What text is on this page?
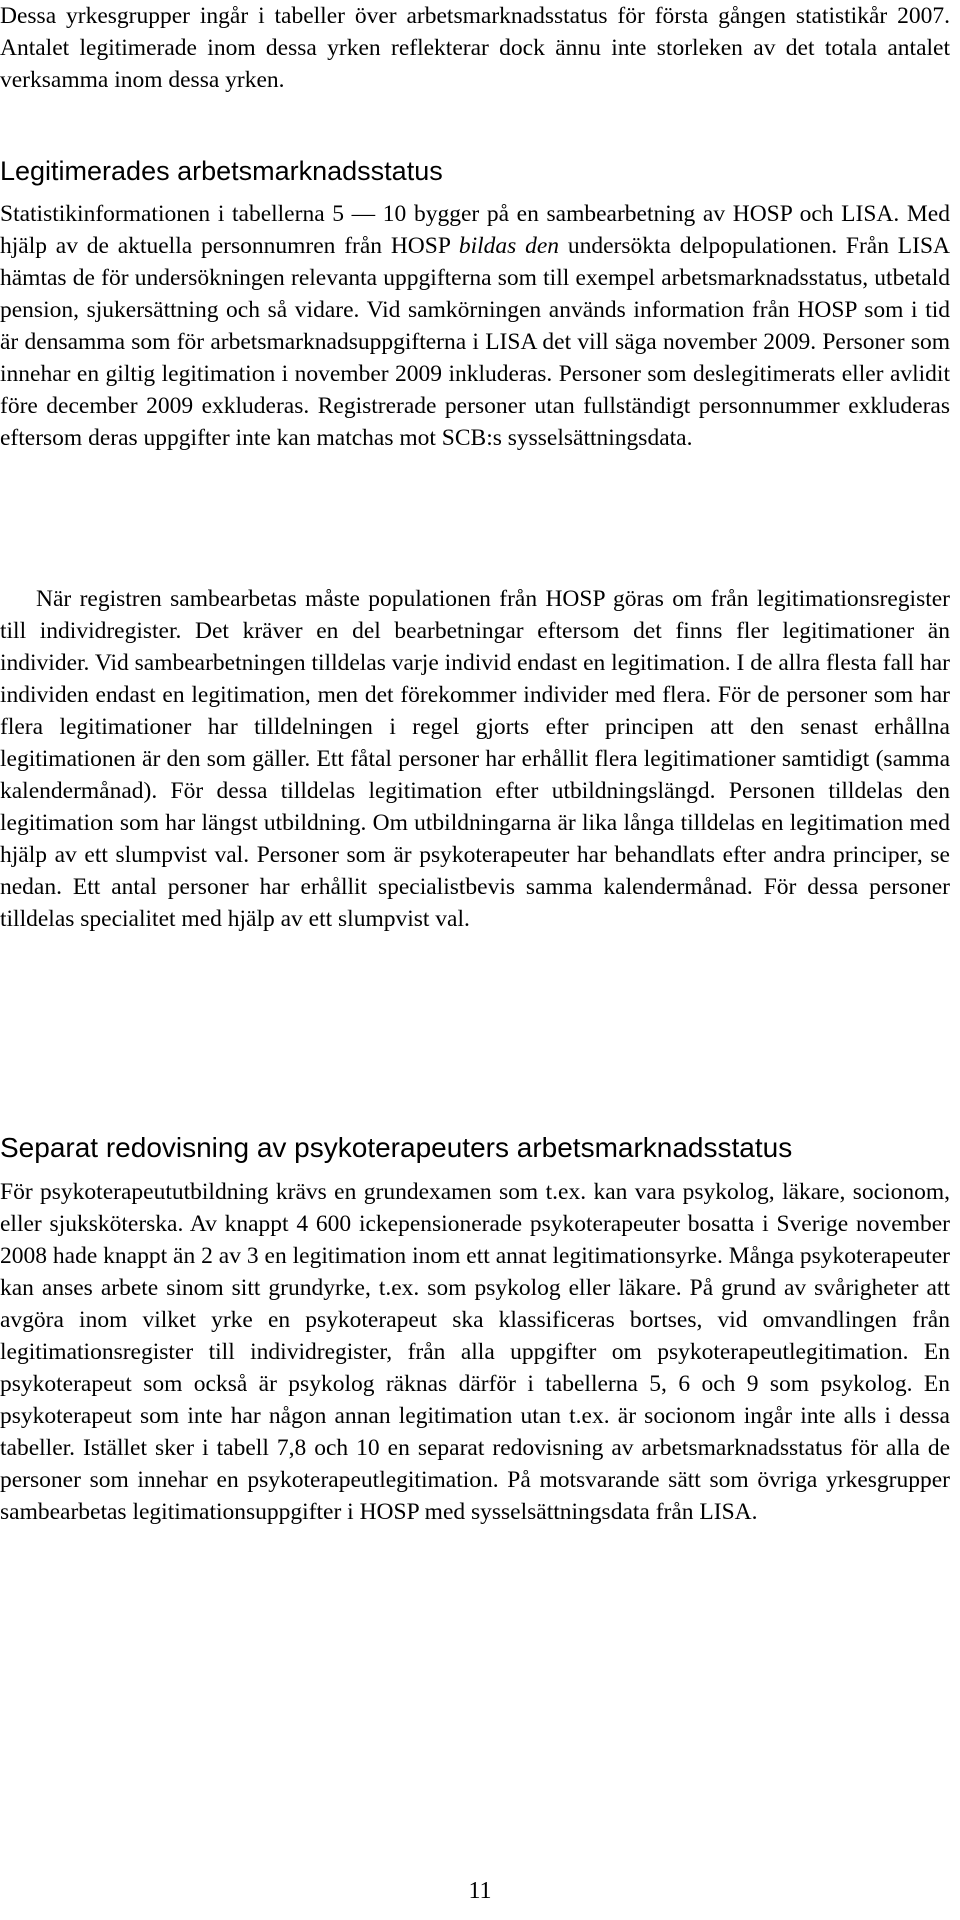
Dessa yrkesgrupper ingår i tabeller över arbetsmarknadsstatus för första gången statistikår 2007. Antalet legitimerade inom dessa yrken reflekterar dock ännu inte storleken av det totala antalet verksamma inom dessa yrken.

Legitimerades arbetsmarknadsstatus

Statistikinformationen i tabellerna 5 — 10 bygger på en sambearbetning av HOSP och LISA. Med hjälp av de aktuella personnumren från HOSP bildas den undersökta delpopulationen. Från LISA hämtas de för undersökningen relevanta uppgifterna som till exempel arbetsmarknadsstatus, utbetald pension, sjukersättning och så vidare. Vid samkörningen används information från HOSP som i tid är densamma som för arbetsmarknadsuppgifterna i LISA det vill säga november 2009. Personer som innehar en giltig legitimation i november 2009 inkluderas. Personer som deslegitimerats eller avlidit före december 2009 exkluderas. Registrerade personer utan fullständigt personnummer exkluderas eftersom deras uppgifter inte kan matchas mot SCB:s sysselsättningsdata.

När registren sambearbetas måste populationen från HOSP göras om från legitimationsregister till individregister. Det kräver en del bearbetningar eftersom det finns fler legitimationer än individer. Vid sambearbetningen tilldelas varje individ endast en legitimation. I de allra flesta fall har individen endast en legitimation, men det förekommer individer med flera. För de personer som har flera legitimationer har tilldelningen i regel gjorts efter principen att den senast erhållna legitimationen är den som gäller. Ett fåtal personer har erhållit flera legitimationer samtidigt (samma kalendermånad). För dessa tilldelas legitimation efter utbildningslängd. Personen tilldelas den legitimation som har längst utbildning. Om utbildningarna är lika långa tilldelas en legitimation med hjälp av ett slumpvist val. Personer som är psykoterapeuter har behandlats efter andra principer, se nedan. Ett antal personer har erhållit specialistbevis samma kalendermånad. För dessa personer tilldelas specialitet med hjälp av ett slumpvist val.

Separat redovisning av psykoterapeuters arbetsmarknadsstatus

För psykoterapeututbildning krävs en grundexamen som t.ex. kan vara psykolog, läkare, socionom, eller sjuksköterska. Av knappt 4 600 ickepensionerade psykoterapeuter bosatta i Sverige november 2008 hade knappt än 2 av 3 en legitimation inom ett annat legitimationsyrke. Många psykoterapeuter kan anses arbete sinom sitt grundyrke, t.ex. som psykolog eller läkare. På grund av svårigheter att avgöra inom vilket yrke en psykoterapeut ska klassificeras bortses, vid omvandlingen från legitimationsregister till individregister, från alla uppgifter om psykoterapeutlegitimation. En psykoterapeut som också är psykolog räknas därför i tabellerna 5, 6 och 9 som psykolog. En psykoterapeut som inte har någon annan legitimation utan t.ex. är socionom ingår inte alls i dessa tabeller. Istället sker i tabell 7,8 och 10 en separat redovisning av arbetsmarknadsstatus för alla de personer som innehar en psykoterapeutlegitimation. På motsvarande sätt som övriga yrkesgrupper sambearbetas legitimationsuppgifter i HOSP med sysselsättningsdata från LISA.

11
